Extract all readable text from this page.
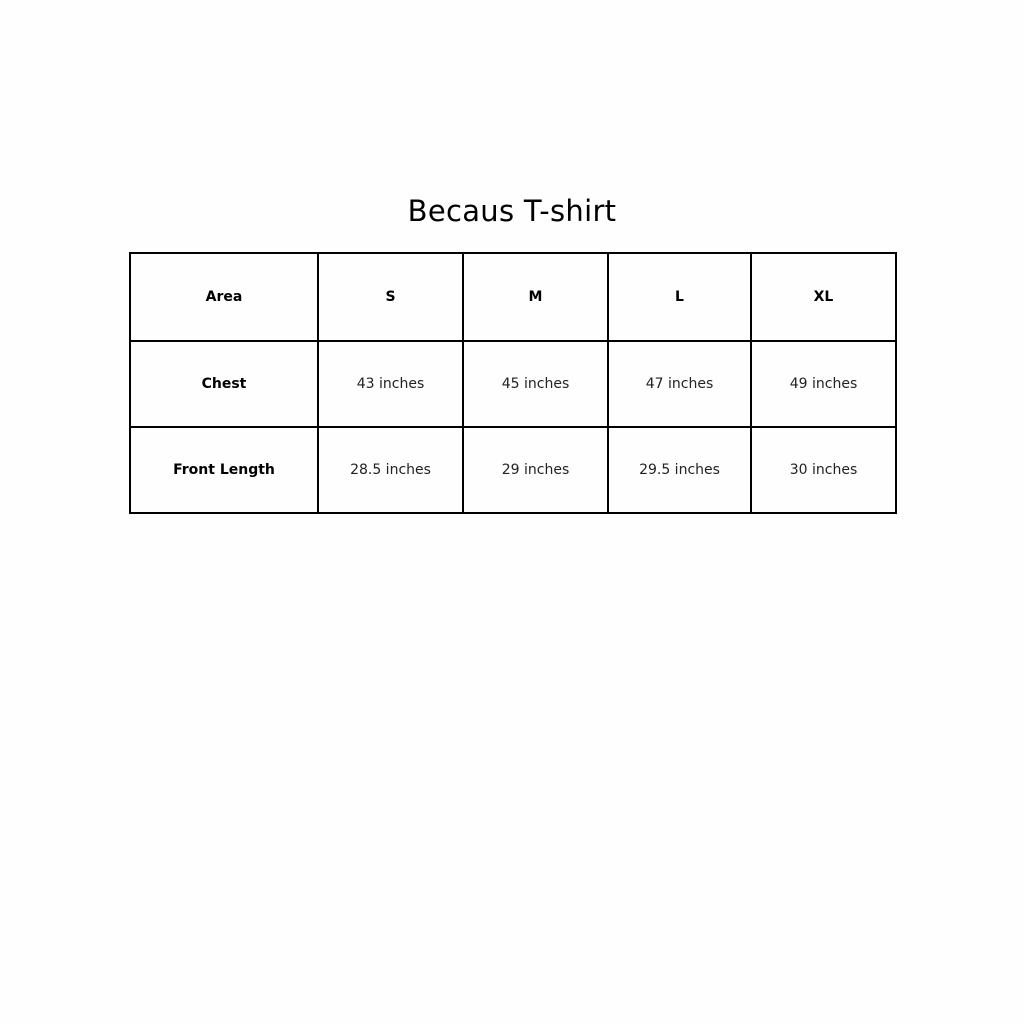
Becaus T-shirt
Area	S	M	L	XL
Chest	43 inches	45 inches	47 inches	49 inches
Front Length	28.5 inches	29 inches	29.5 inches	30 inches
